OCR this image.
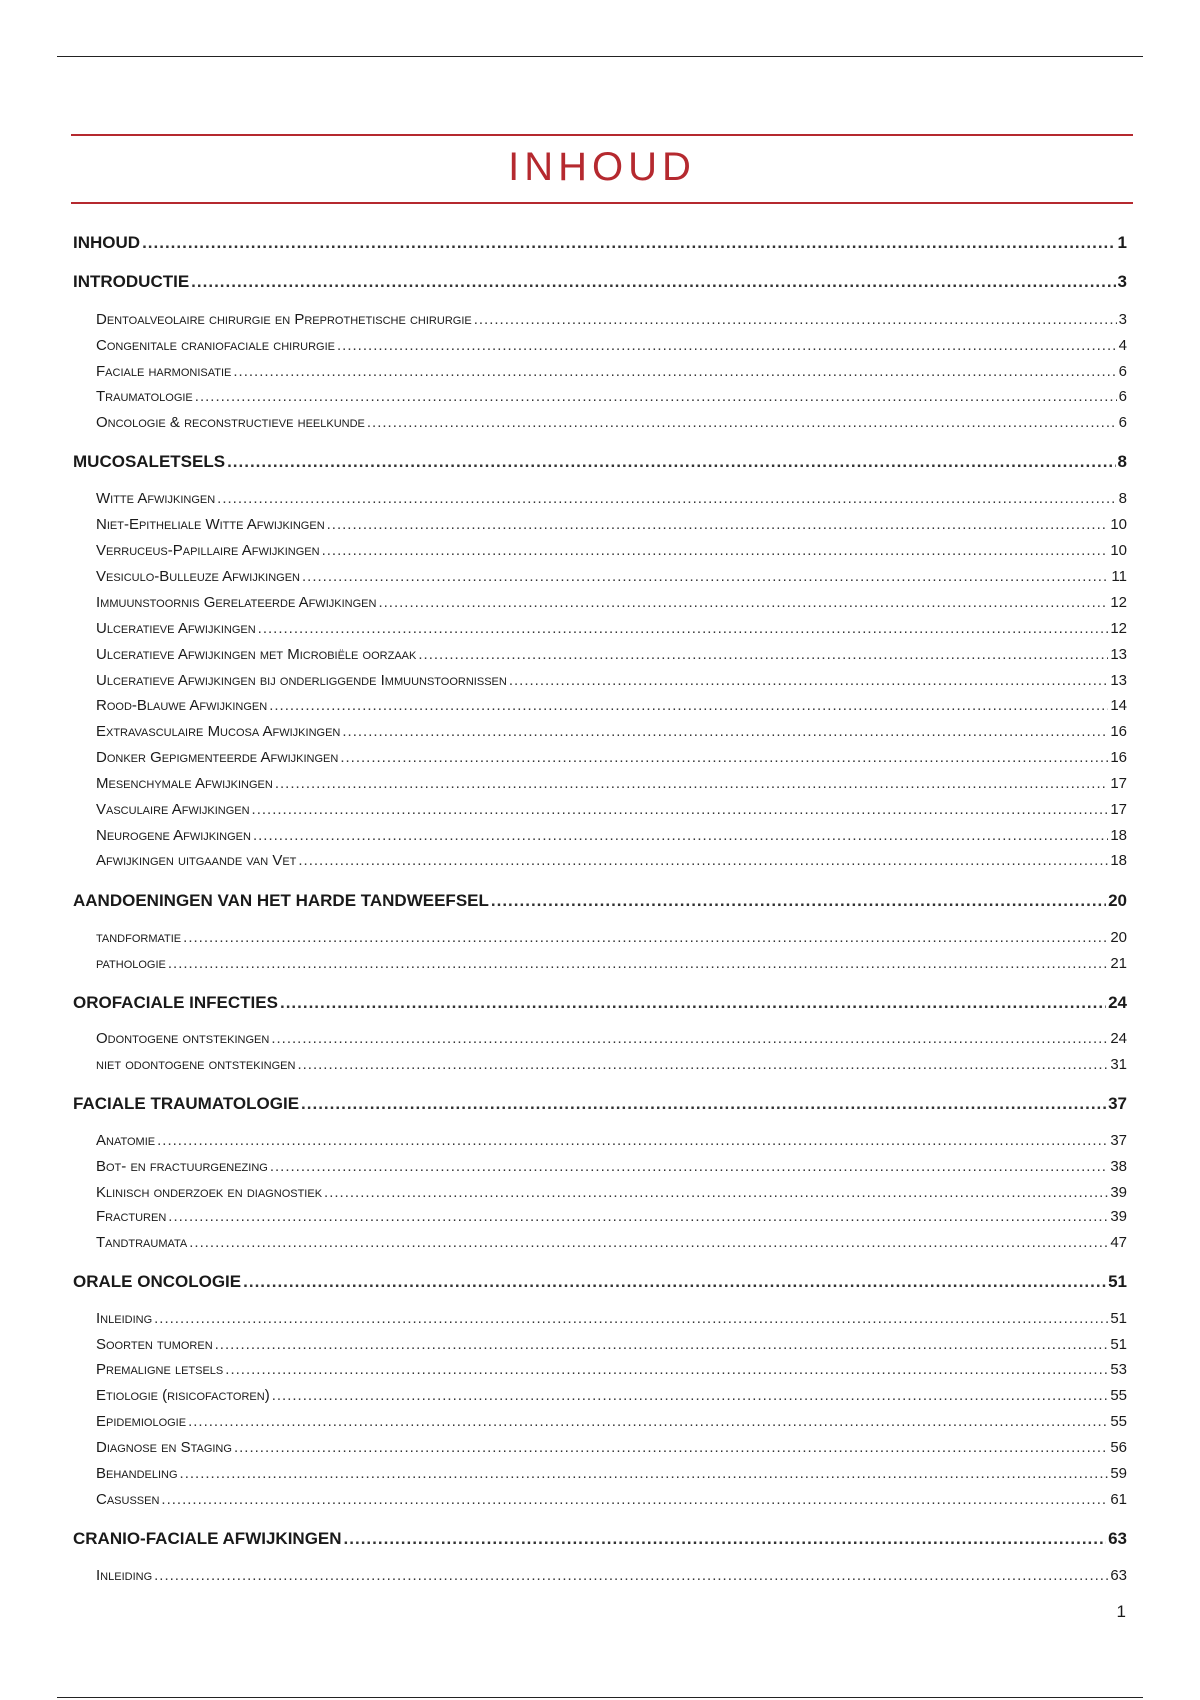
INHOUD
INHOUD .....	1
INTRODUCTIE .....	3
Dentoalveolaire chirurgie en Preprothetische chirurgie .....	3
Congenitale craniofaciale chirurgie .....	4
Faciale harmonisatie .....	6
Traumatologie .....	6
Oncologie & reconstructieve heelkunde .....	6
MUCOSALETSELS .....	8
Witte Afwijkingen .....	8
Niet-Epitheliale Witte Afwijkingen .....	10
Verruceus-Papillaire Afwijkingen .....	10
Vesiculo-Bulleuze Afwijkingen .....	11
Immuunstoornis Gerelateerde Afwijkingen .....	12
Ulceratieve Afwijkingen .....	12
Ulceratieve Afwijkingen met Microbiële oorzaak .....	13
Ulceratieve Afwijkingen bij onderliggende Immuunstoornissen .....	13
Rood-Blauwe Afwijkingen .....	14
Extravasculaire Mucosa Afwijkingen .....	16
Donker Gepigmenteerde Afwijkingen .....	16
Mesenchymale Afwijkingen .....	17
Vasculaire Afwijkingen .....	17
Neurogene Afwijkingen .....	18
Afwijkingen uitgaande van Vet .....	18
AANDOENINGEN VAN HET HARDE TANDWEEFSEL .....	20
tandformatie .....	20
pathologie .....	21
OROFACIALE INFECTIES .....	24
Odontogene ontstekingen .....	24
niet odontogene ontstekingen .....	31
FACIALE TRAUMATOLOGIE .....	37
Anatomie .....	37
Bot- en fractuurgenezing .....	38
Klinisch onderzoek en diagnostiek .....	39
Fracturen .....	39
Tandtraumata .....	47
ORALE ONCOLOGIE .....	51
Inleiding .....	51
Soorten tumoren .....	51
Premaligne letsels .....	53
Etiologie (risicofactoren) .....	55
Epidemiologie .....	55
Diagnose en Staging .....	56
Behandeling .....	59
Casussen .....	61
CRANIO-FACIALE AFWIJKINGEN .....	63
Inleiding .....	63
1
